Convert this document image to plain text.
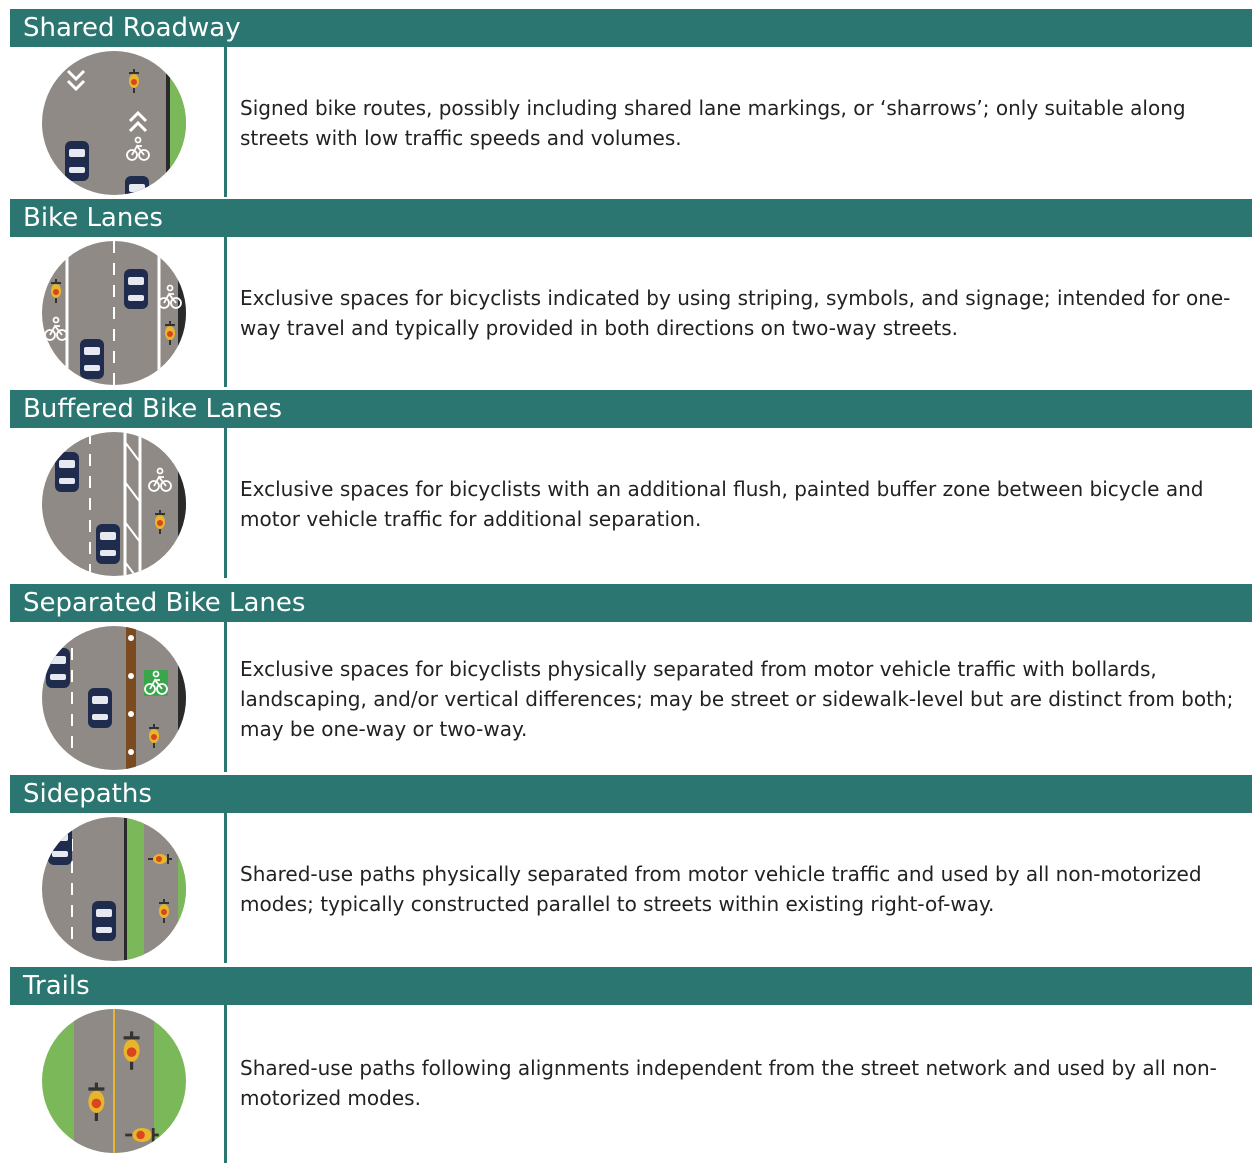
Shared Roadway
Signed bike routes, possibly including shared lane markings, or ‘sharrows’; only suitable along streets with low traffic speeds and volumes.
Bike Lanes
Exclusive spaces for bicyclists indicated by using striping, symbols, and signage; intended for one-way travel and typically provided in both directions on two-way streets.
Buffered Bike Lanes
Exclusive spaces for bicyclists with an additional flush, painted buffer zone between bicycle and motor vehicle traffic for additional separation.
Separated Bike Lanes
Exclusive spaces for bicyclists physically separated from motor vehicle traffic with bollards, landscaping, and/or vertical differences; may be street or sidewalk-level but are distinct from both; may be one-way or two-way.
Sidepaths
Shared-use paths physically separated from motor vehicle traffic and used by all non-motorized modes; typically constructed parallel to streets within existing right-of-way.
Trails
Shared-use paths following alignments independent from the street network and used by all non-motorized modes.
